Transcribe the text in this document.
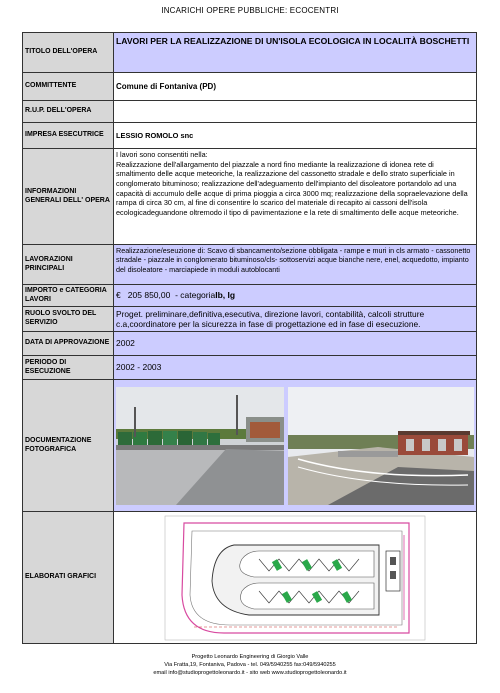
INCARICHI OPERE PUBBLICHE: ECOCENTRI
TITOLO DELL'OPERA	LAVORI PER LA REALIZZAZIONE DI UN'ISOLA ECOLOGICA IN LOCALITÀ BOSCHETTI
COMMITTENTE	Comune di Fontaniva (PD)
R.U.P. DELL'OPERA	
IMPRESA ESECUTRICE	LESSIO ROMOLO snc
INFORMAZIONI GENERALI DELL' OPERA	I lavori sono consentiti nella:
Realizzazione dell'allargamento del piazzale a nord fino mediante la realizzazione di idonea rete di smaltimento delle acque meteoriche, la realizzazione del cassonetto stradale e dello strato superficiale in conglomerato bituminoso; realizzazione dell'adeguamento dell'impianto del disoleatore portandolo ad una capacità di accumulo delle acque di prima pioggia a circa 3000 mq; realizzazione della sopraelevazione della rampa di circa 30 cm, al fine di consentire lo scarico del materiale di recapito ai cassoni dell'isola ecologicadeguandone oltremodo il tipo di pavimentazione e la rete di smaltimento delle acque meteoriche.
LAVORAZIONI PRINCIPALI	Realizzazione/eseuzione di: Scavo di sbancamento/sezione obbligata - rampe e muri in cls armato - cassonetto stradale - piazzale in conglomerato bituminoso/cls- sottoservizi acque bianche nere, enel, acquedotto, impianto del disoleatore - marciapiede in moduli autoblocanti
IMPORTO e CATEGORIA LAVORI	€   205 850,00  - categoriaIb, Ig
RUOLO SVOLTO DEL SERVIZIO	Proget. preliminare,definitiva,esecutiva, direzione lavori, contabilità, calcoli strutture c.a,coordinatore per la sicurezza in fase di progettazione ed in fase di esecuzione.
DATA DI APPROVAZIONE	2002
PERIODO DI ESECUZIONE	2002 - 2003
DOCUMENTAZIONE FOTOGRAFICA	

ELABORATI GRAFICI	
Progetto Leonardo Engineering di Giorgio Valle
Via Fratta,19, Fontaniva, Padova - tel. 049/5940255 fax:049/5940255
email info@studioprogettoleonardo.it - sito web www.studioprogettoleonardo.it
